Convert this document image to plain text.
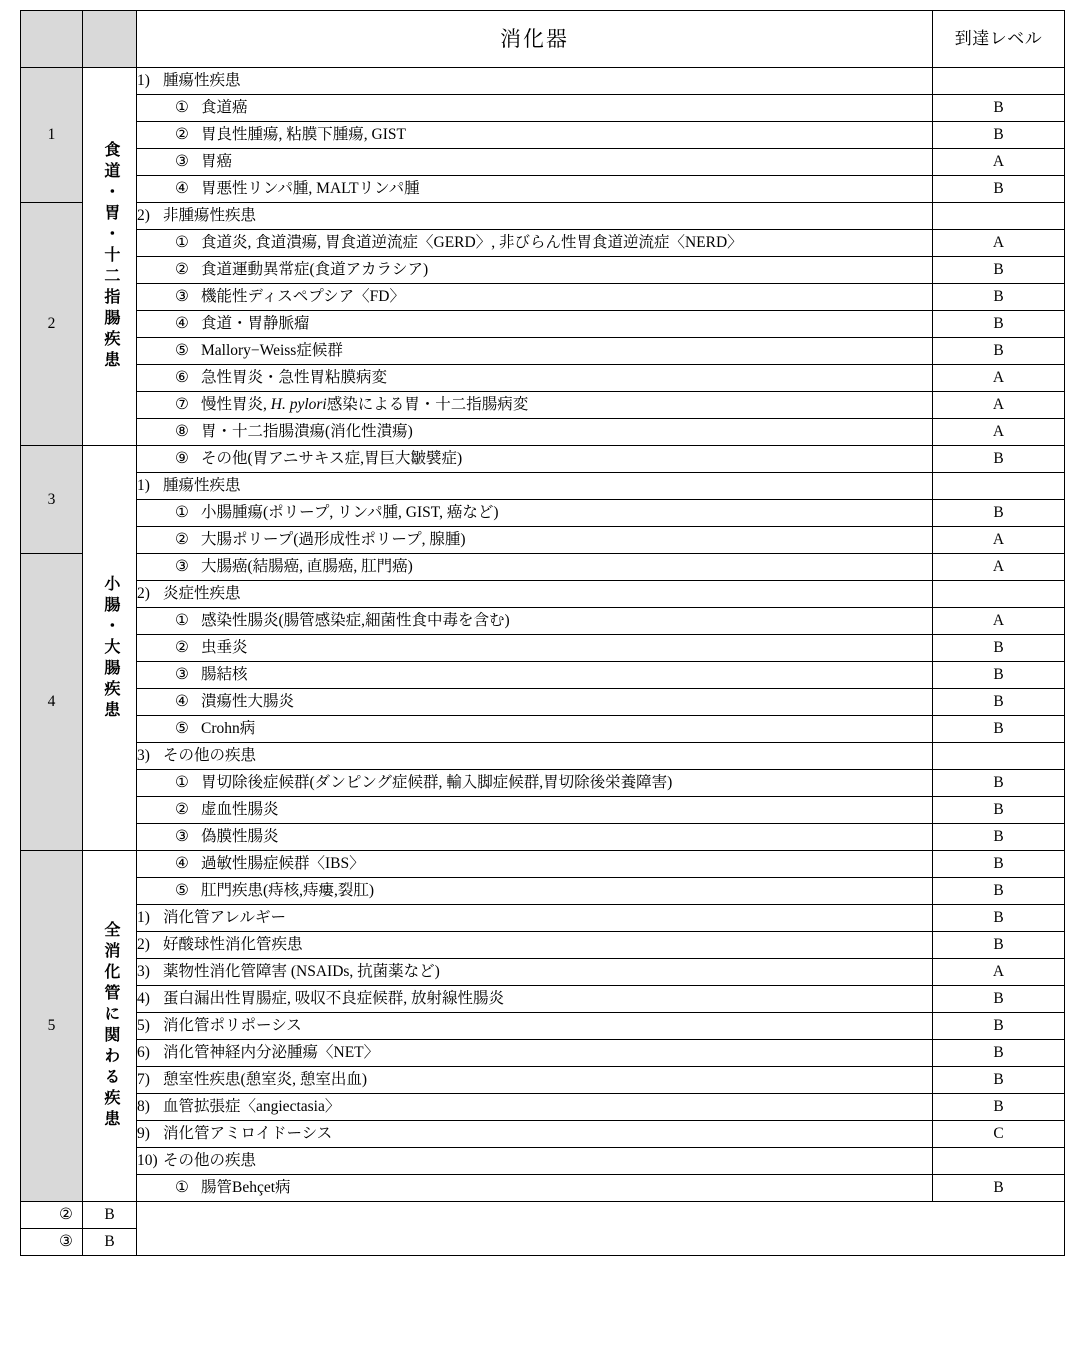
		消化器	到達レベル
1	食道・胃・十二指腸疾患	1) 腫瘍性疾患	
		① 食道癌	B
		② 胃良性腫瘍, 粘膜下腫瘍, GIST	B
		③ 胃癌	A
		④ 胃悪性リンパ腫, MALTリンパ腫	B
2		2) 非腫瘍性疾患	
		① 食道炎, 食道潰瘍, 胃食道逆流症〈GERD〉, 非びらん性胃食道逆流症〈NERD〉	A
		② 食道運動異常症(食道アカラシア)	B
		③ 機能性ディスペプシア〈FD〉	B
		④ 食道・胃静脈瘤	B
		⑤ Mallory−Weiss症候群	B
		⑥ 急性胃炎・急性胃粘膜病変	A
		⑦ 慢性胃炎, H. pylori感染による胃・十二指腸病変	A
		⑧ 胃・十二指腸潰瘍(消化性潰瘍)	A
3	小腸・大腸疾患	⑨ その他(胃アニサキス症,胃巨大皺襞症)	B
		1) 腫瘍性疾患	
		① 小腸腫瘍(ポリープ, リンパ腫, GIST, 癌など)	B
		② 大腸ポリープ(過形成性ポリープ, 腺腫)	A
4		③ 大腸癌(結腸癌, 直腸癌, 肛門癌)	A
		2) 炎症性疾患	
		① 感染性腸炎(腸管感染症,細菌性食中毒を含む)	A
		② 虫垂炎	B
		③ 腸結核	B
		④ 潰瘍性大腸炎	B
		⑤ Crohn病	B
		3) その他の疾患	
		① 胃切除後症候群(ダンピング症候群, 輸入脚症候群,胃切除後栄養障害)	B
		② 虚血性腸炎	B
		③ 偽膜性腸炎	B
5	全消化管に関わる疾患	④ 過敏性腸症候群〈IBS〉	B
		⑤ 肛門疾患(痔核,痔瘻,裂肛)	B
		1) 消化管アレルギー	B
		2) 好酸球性消化管疾患	B
		3) 薬物性消化管障害 (NSAIDs, 抗菌薬など)	A
		4) 蛋白漏出性胃腸症, 吸収不良症候群, 放射線性腸炎	B
		5) 消化管ポリポーシス	B
		6) 消化管神経内分泌腫瘍〈NET〉	B
		7) 憩室性疾患(憩室炎, 憩室出血)	B
		8) 血管拡張症〈angiectasia〉	B
		9) 消化管アミロイドーシス	C
		10) その他の疾患	
		① 腸管Behçet病	B
②	B		
③	B		
